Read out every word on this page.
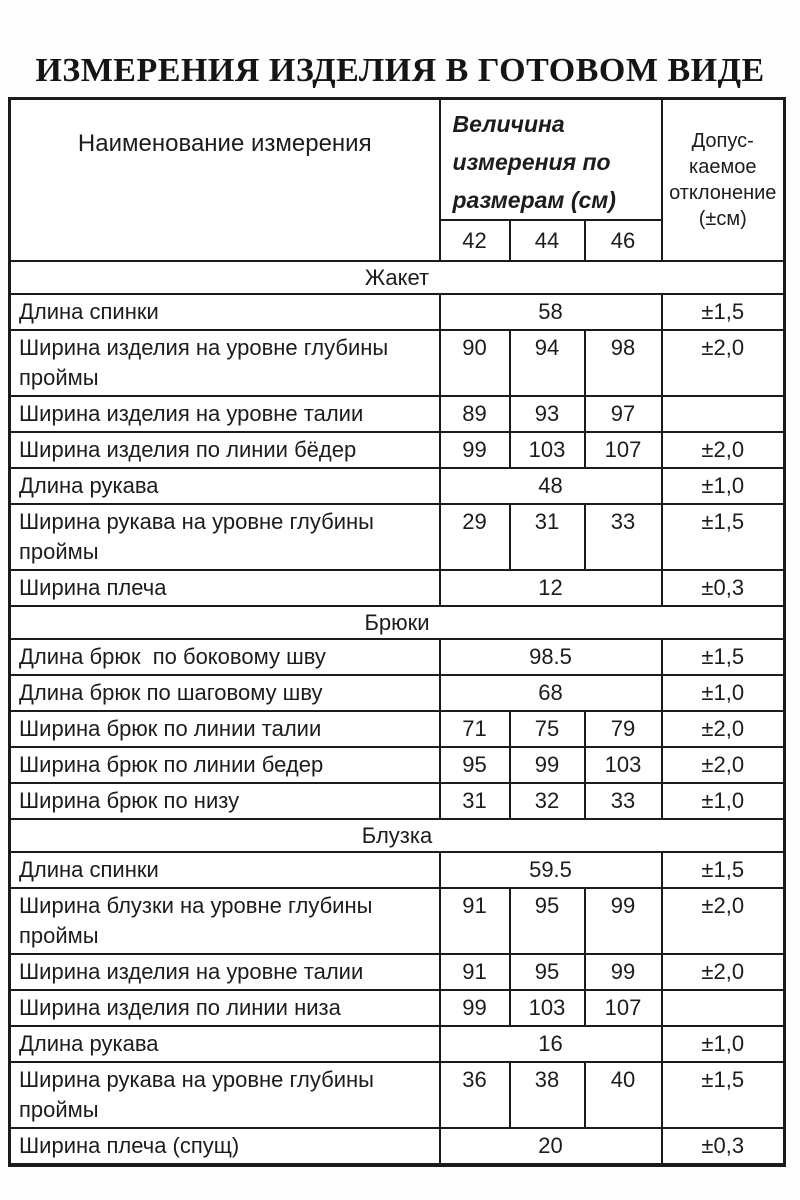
ИЗМЕРЕНИЯ ИЗДЕЛИЯ В ГОТОВОМ ВИДЕ
Наименование измерения	Величина измерения по размерам (см)			Допус-
каемое
отклонение
(±см)

	42	44	46	
Жакет				
Длина спинки	58			±1,5
Ширина изделия на уровне глубины проймы	90	94	98	±2,0
Ширина изделия на уровне талии	89	93	97	
Ширина изделия по линии бёдер	99	103	107	±2,0
Длина рукава	48			±1,0
Ширина рукава на уровне глубины проймы	29	31	33	±1,5
Ширина плеча	12			±0,3
Брюки				
Длина брюк  по боковому шву	98.5			±1,5
Длина брюк по шаговому шву	68			±1,0
Ширина брюк по линии талии	71	75	79	±2,0
Ширина брюк по линии бедер	95	99	103	±2,0
Ширина брюк по низу	31	32	33	±1,0
Блузка				
Длина спинки	59.5			±1,5
Ширина блузки на уровне глубины проймы	91	95	99	±2,0
Ширина изделия на уровне талии	91	95	99	±2,0
Ширина изделия по линии низа	99	103	107	
Длина рукава	16			±1,0
Ширина рукава на уровне глубины проймы	36	38	40	±1,5
Ширина плеча (спущ)	20			±0,3
